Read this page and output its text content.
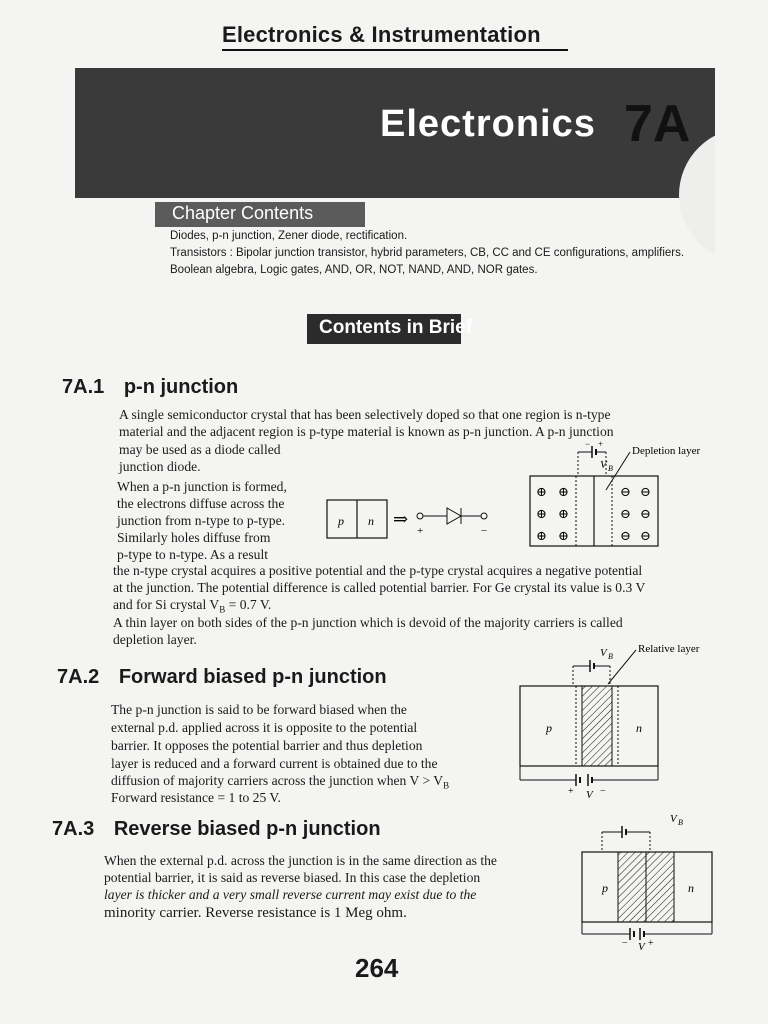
Electronics & Instrumentation
Electronics 7A
Chapter Contents
Diodes, p-n junction, Zener diode, rectification.
Transistors : Bipolar junction transistor, hybrid parameters, CB, CC and CE configurations, amplifiers.
Boolean algebra, Logic gates, AND, OR, NOT, NAND, AND, NOR gates.
Contents in Brief
7A.1 p-n junction
A single semiconductor crystal that has been selectively doped so that one region is n-type
material and the adjacent region is p-type material is known as p-n junction. A p-n junction
may be used as a diode called
junction diode.
When a p-n junction is formed,
the electrons diffuse across the
junction from n-type to p-type.
Similarly holes diffuse from
p-type to n-type. As a result
the n-type crystal acquires a positive potential and the p-type crystal acquires a negative potential
at the junction. The potential difference is called potential barrier. For Ge crystal its value is 0.3 V
and for Si crystal $V_B = 0.7$ V.
A thin layer on both sides of the p-n junction which is devoid of the majority carriers is called
depletion layer.
p n ⇒
+	−
− +
V B
Depletion layer
⊕ ⊕
⊕ ⊕
⊕ ⊕
⊖ ⊖
⊖ ⊖
⊖ ⊖
7A.2 Forward biased p-n junction
The p-n junction is said to be forward biased when the
external p.d. applied across it is opposite to the potential
barrier. It opposes the potential barrier and thus depletion
layer is reduced and a forward current is obtained due to the
diffusion of majority carriers across the junction when $V > V_B$
Forward resistance = 1 to 25 V.
V B
Relative layer
p	n
+ V −
7A.3 Reverse biased p-n junction
When the external p.d. across the junction is in the same direction as the
potential barrier, it is said as reverse biased. In this case the depletion
layer is thicker and a very small reverse current may exist due to the
minority carrier. Reverse resistance is 1 Meg ohm.
V B
p	n
V
− +
264
